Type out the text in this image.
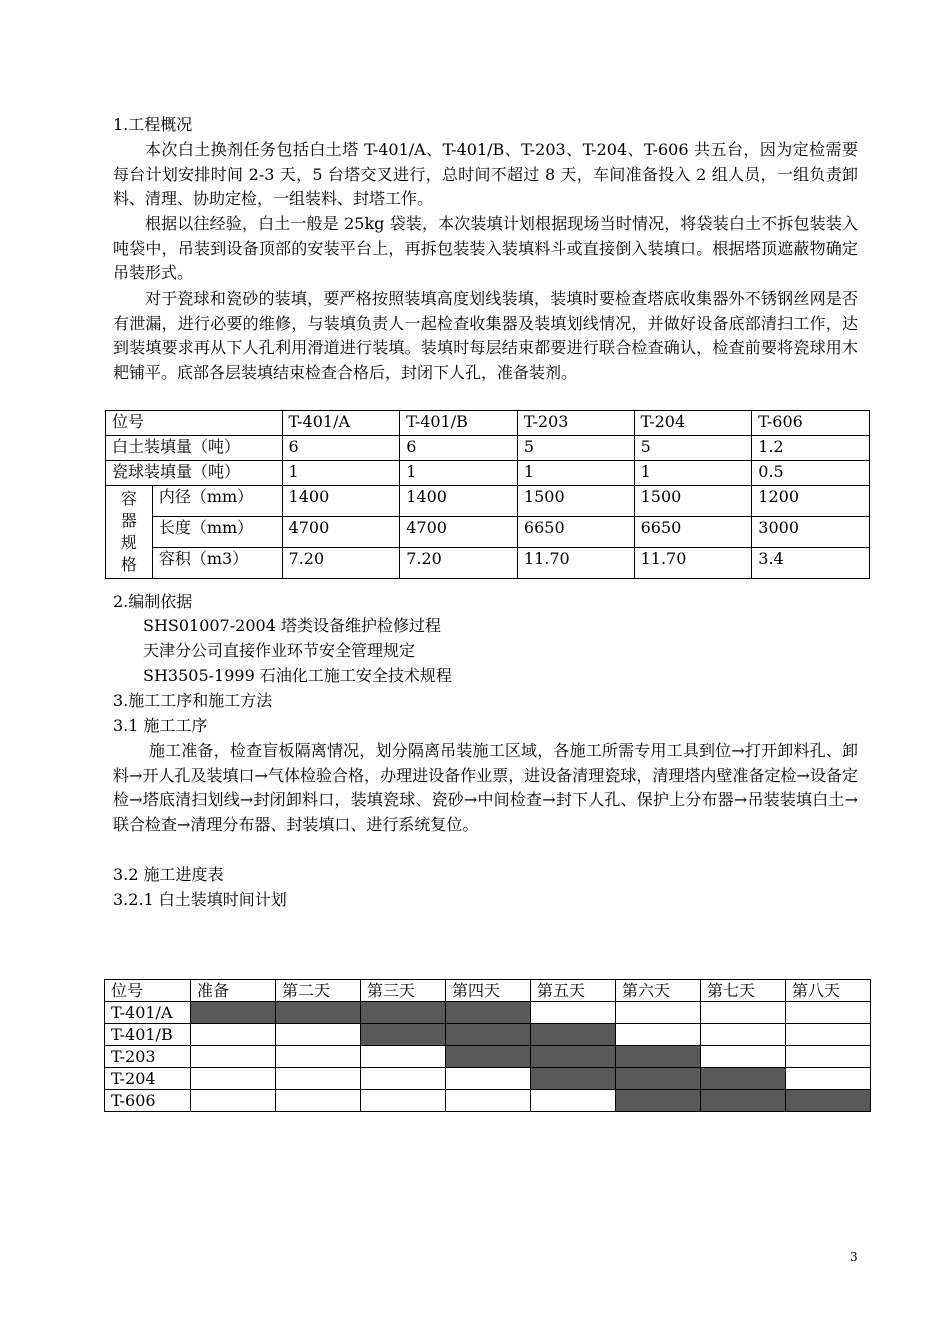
1.工程概况

本次白土换剂任务包括白土塔 T-401/A、T-401/B、T-203、T-204、T-606 共五台，因为定检需要每台计划安排时间 2-3 天，5 台塔交叉进行，总时间不超过 8 天，车间准备投入 2 组人员，一组负责卸料、清理、协助定检，一组装料、封塔工作。

根据以往经验，白土一般是 25kg 袋装，本次装填计划根据现场当时情况，将袋装白土不拆包装装入吨袋中，吊装到设备顶部的安装平台上，再拆包装装入装填料斗或直接倒入装填口。根据塔顶遮蔽物确定吊装形式。

对于瓷球和瓷砂的装填，要严格按照装填高度划线装填，装填时要检查塔底收集器外不锈钢丝网是否有泄漏，进行必要的维修，与装填负责人一起检查收集器及装填划线情况，并做好设备底部清扫工作，达到装填要求再从下人孔利用滑道进行装填。装填时每层结束都要进行联合检查确认，检查前要将瓷球用木耙铺平。底部各层装填结束检查合格后，封闭下人孔，准备装剂。

位号		T-401/A	T-401/B	T-203	T-204	T-606
白土装填量（吨）		6	6	5	5	1.2
瓷球装填量（吨）		1	1	1	1	0.5

容
器
规
格	内径（mm）	1400	1400	1500	1500	1200
	长度（mm）	4700	4700	6650	6650	3000
	容积（m3）	7.20	7.20	11.70	11.70	3.4

2.编制依据

SHS01007-2004 塔类设备维护检修过程

天津分公司直接作业环节安全管理规定

SH3505-1999 石油化工施工安全技术规程

3.施工工序和施工方法

3.1 施工工序

施工准备，检查盲板隔离情况，划分隔离吊装施工区域，各施工所需专用工具到位→打开卸料孔、卸料→开人孔及装填口→气体检验合格，办理进设备作业票，进设备清理瓷球，清理塔内壁准备定检→设备定检→塔底清扫划线→封闭卸料口，装填瓷球、瓷砂→中间检查→封下人孔、保护上分布器→吊装装填白土→联合检查→清理分布器、封装填口、进行系统复位。

3.2 施工进度表

3.2.1 白土装填时间计划

位号	准备	第二天	第三天	第四天	第五天	第六天	第七天	第八天
T-401/A								
T-401/B								
T-203								
T-204								
T-606								
3
